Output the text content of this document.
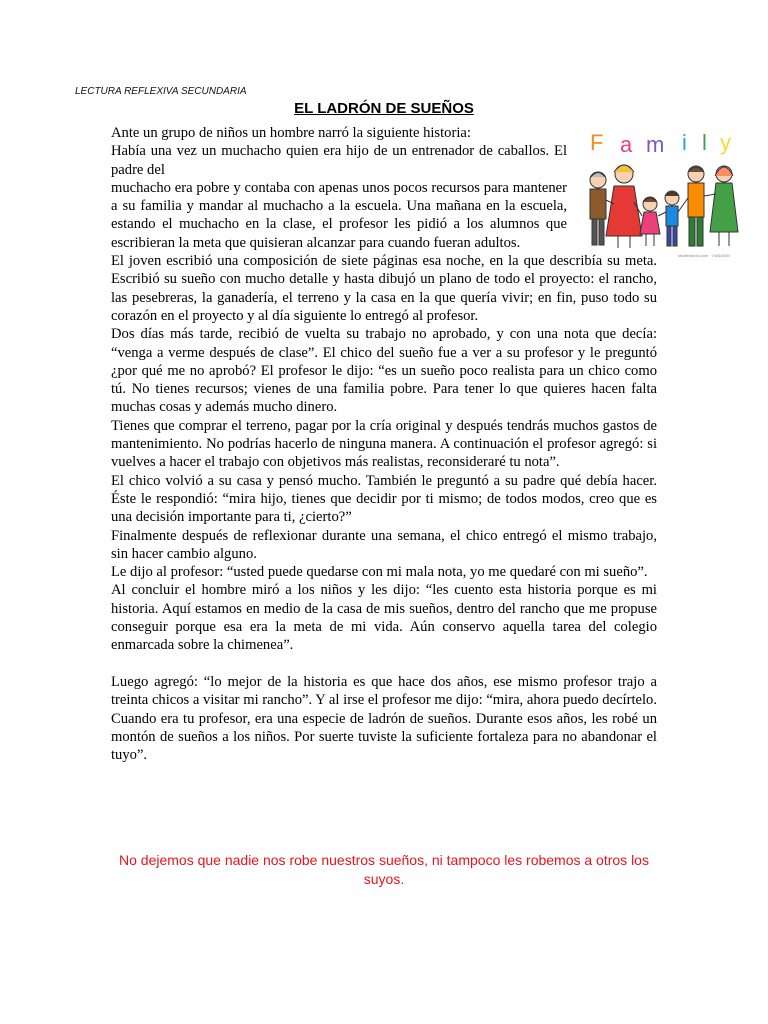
LECTURA REFLEXIVA SECUNDARIA
EL LADRÓN DE SUEÑOS
F a m i l y
shutterstock.com · 74816439

Ante un grupo de niños un hombre narró la siguiente historia:

Había una vez un muchacho quien era hijo de un entrenador de caballos. El padre del

muchacho era pobre y contaba con apenas unos pocos recursos para mantener a su familia y mandar al muchacho a la escuela. Una mañana en la escuela, estando el muchacho en la clase, el profesor les pidió a los alumnos que escribieran la meta que quisieran alcanzar para cuando fueran adultos.

El joven escribió una composición de siete páginas esa noche, en la que describía su meta. Escribió su sueño con mucho detalle y hasta dibujó un plano de todo el proyecto: el rancho, las pesebreras, la ganadería, el terreno y la casa en la que quería vivir; en fin, puso todo su corazón en el proyecto y al día siguiente lo entregó al profesor.

Dos días más tarde, recibió de vuelta su trabajo no aprobado, y con una nota que decía: “venga a verme después de clase”. El chico del sueño fue a ver a su profesor y le preguntó ¿por qué me no aprobó? El profesor le dijo: “es un sueño poco realista para un chico como tú. No tienes recursos; vienes de una familia pobre. Para tener lo que quieres hacen falta muchas cosas y además mucho dinero.

Tienes que comprar el terreno, pagar por la cría original y después tendrás muchos gastos de mantenimiento. No podrías hacerlo de ninguna manera. A continuación el profesor agregó: si vuelves a hacer el trabajo con objetivos más realistas, reconsideraré tu nota”.

El chico volvió a su casa y pensó mucho. También le preguntó a su padre qué debía hacer. Éste le respondió: “mira hijo, tienes que decidir por ti mismo; de todos modos, creo que es una decisión importante para ti, ¿cierto?”

Finalmente después de reflexionar durante una semana, el chico entregó el mismo trabajo, sin hacer cambio alguno.

Le dijo al profesor: “usted puede quedarse con mi mala nota, yo me quedaré con mi sueño”.

Al concluir el hombre miró a los niños y les dijo: “les cuento esta historia porque es mi historia. Aquí estamos en medio de la casa de mis sueños, dentro del rancho que me propuse conseguir porque esa era la meta de mi vida. Aún conservo aquella tarea del colegio enmarcada sobre la chimenea”.

Luego agregó: “lo mejor de la historia es que hace dos años, ese mismo profesor trajo a treinta chicos a visitar mi rancho”. Y al irse el profesor me dijo: “mira, ahora puedo decírtelo. Cuando era tu profesor, era una especie de ladrón de sueños. Durante esos años, les robé un montón de sueños a los niños. Por suerte tuviste la suficiente fortaleza para no abandonar el tuyo”.

No dejemos que nadie nos robe nuestros sueños, ni tampoco les robemos a otros los suyos.
